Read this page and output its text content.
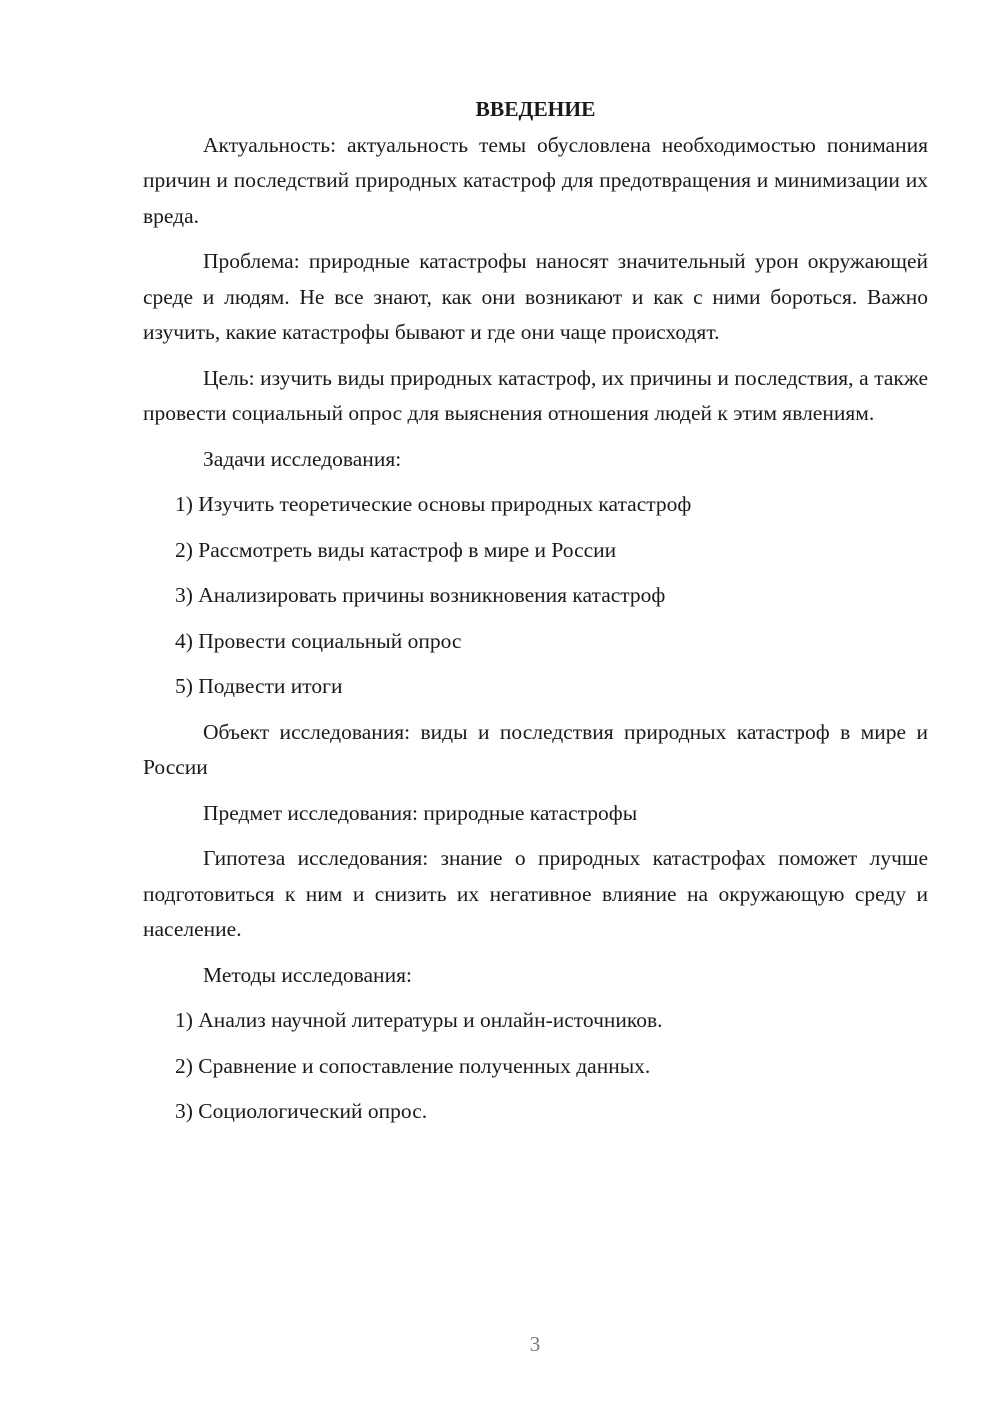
ВВЕДЕНИЕ

Актуальность: актуальность темы обусловлена необходимостью понимания причин и последствий природных катастроф для предотвращения и минимизации их вреда.

Проблема: природные катастрофы наносят значительный урон окружающей среде и людям. Не все знают, как они возникают и как с ними бороться. Важно изучить, какие катастрофы бывают и где они чаще происходят.

Цель: изучить виды природных катастроф, их причины и последствия, а также провести социальный опрос для выяснения отношения людей к этим явлениям.

Задачи исследования:

1) Изучить теоретические основы природных катастроф
2) Рассмотреть виды катастроф в мире и России
3) Анализировать причины возникновения катастроф
4) Провести социальный опрос
5) Подвести итоги

Объект исследования: виды и последствия природных катастроф в мире и России

Предмет исследования: природные катастрофы

Гипотеза исследования: знание о природных катастрофах поможет лучше подготовиться к ним и снизить их негативное влияние на окружающую среду и население.

Методы исследования:

1) Анализ научной литературы и онлайн-источников.
2) Сравнение и сопоставление полученных данных.
3) Социологический опрос.
3
